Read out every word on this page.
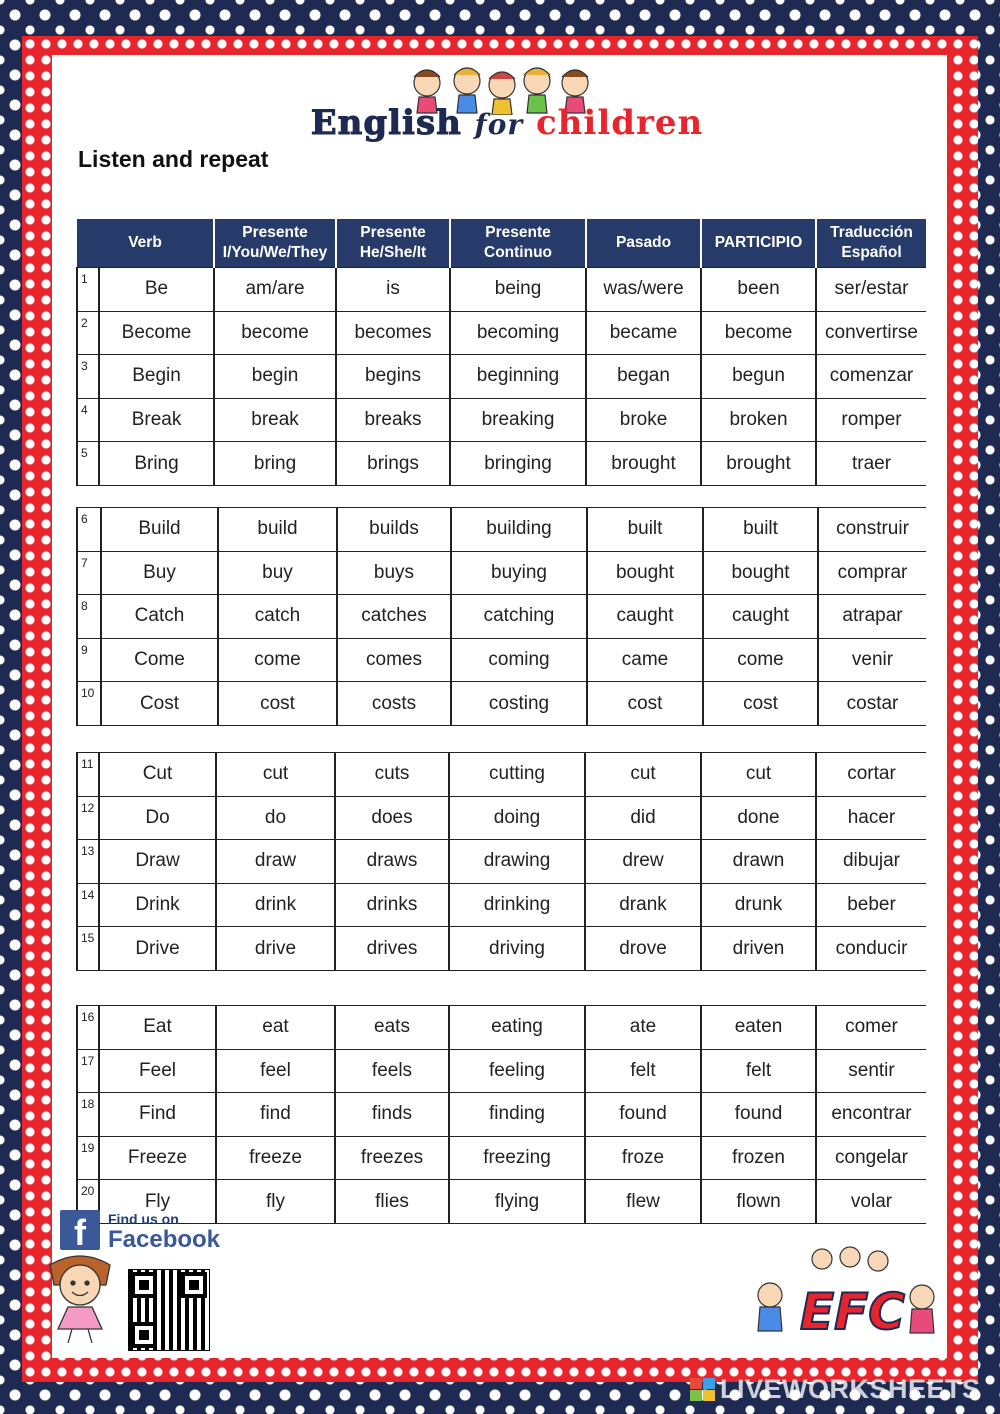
English for children
Listen and repeat
Verb		Presente I/You/We/They	Presente He/She/It	Presente Continuo	Pasado	PARTICIPIO	Traducción Español
1	Be	am/are	is	being	was/were	been	ser/estar
2	Become	become	becomes	becoming	became	become	convertirse
3	Begin	begin	begins	beginning	began	begun	comenzar
4	Break	break	breaks	breaking	broke	broken	romper
5	Bring	bring	brings	bringing	brought	brought	traer
6	Build	build	builds	building	built	built	construir
7	Buy	buy	buys	buying	bought	bought	comprar
8	Catch	catch	catches	catching	caught	caught	atrapar
9	Come	come	comes	coming	came	come	venir
10	Cost	cost	costs	costing	cost	cost	costar
11	Cut	cut	cuts	cutting	cut	cut	cortar
12	Do	do	does	doing	did	done	hacer
13	Draw	draw	draws	drawing	drew	drawn	dibujar
14	Drink	drink	drinks	drinking	drank	drunk	beber
15	Drive	drive	drives	driving	drove	driven	conducir
16	Eat	eat	eats	eating	ate	eaten	comer
17	Feel	feel	feels	feeling	felt	felt	sentir
18	Find	find	finds	finding	found	found	encontrar
19	Freeze	freeze	freezes	freezing	froze	frozen	congelar
20	Fly	fly	flies	flying	flew	flown	volar
f	Find us on
Facebook
EFC
LIVEWORKSHEETS
